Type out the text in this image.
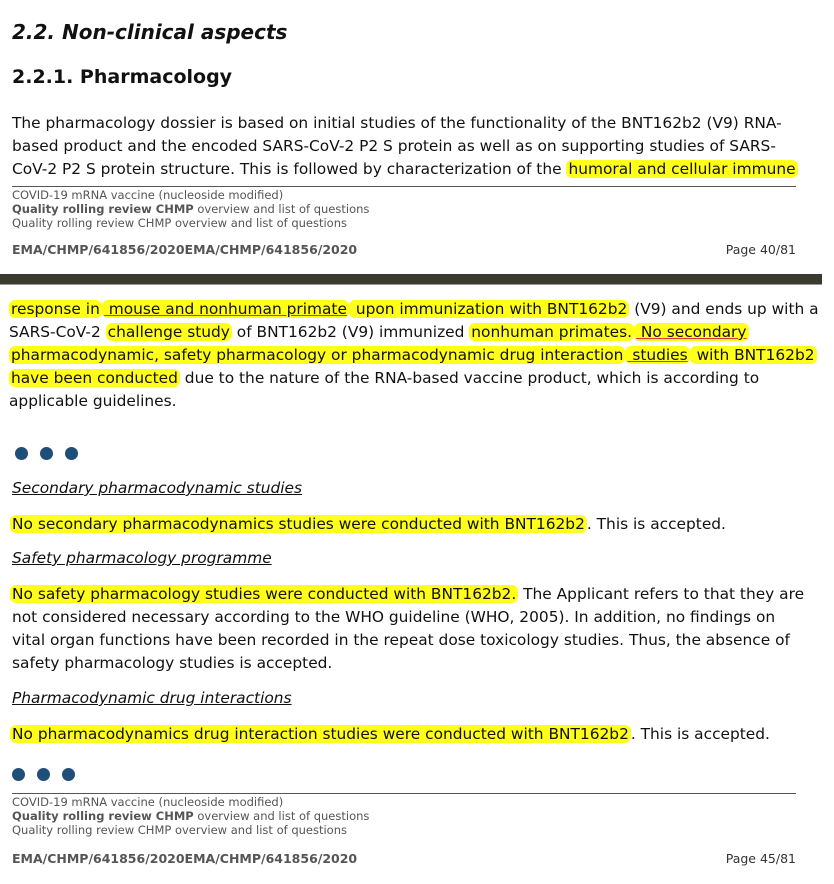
2.2. Non-clinical aspects
2.2.1. Pharmacology
The pharmacology dossier is based on initial studies of the functionality of the BNT162b2 (V9) RNA-
based product and the encoded SARS-CoV-2 P2 S protein as well as on supporting studies of SARS-
CoV-2 P2 S protein structure. This is followed by characterization of the humoral and cellular immune
COVID-19 mRNA vaccine (nucleoside modified)
Quality rolling review CHMP overview and list of questions
Quality rolling review CHMP overview and list of questions
EMA/CHMP/641856/2020EMA/CHMP/641856/2020	Page 40/81
response in mouse and nonhuman primate upon immunization with BNT162b2 (V9) and ends up with a
SARS-CoV-2 challenge study of BNT162b2 (V9) immunized nonhuman primates. No secondary
pharmacodynamic, safety pharmacology or pharmacodynamic drug interaction studies with BNT162b2
have been conducted due to the nature of the RNA-based vaccine product, which is according to
applicable guidelines.
Secondary pharmacodynamic studies
No secondary pharmacodynamics studies were conducted with BNT162b2 . This is accepted.
Safety pharmacology programme
No safety pharmacology studies were conducted with BNT162b2. The Applicant refers to that they are
not considered necessary according to the WHO guideline (WHO, 2005). In addition, no findings on
vital organ functions have been recorded in the repeat dose toxicology studies. Thus, the absence of
safety pharmacology studies is accepted.
Pharmacodynamic drug interactions
No pharmacodynamics drug interaction studies were conducted with BNT162b2 . This is accepted.
COVID-19 mRNA vaccine (nucleoside modified)
Quality rolling review CHMP overview and list of questions
Quality rolling review CHMP overview and list of questions
EMA/CHMP/641856/2020EMA/CHMP/641856/2020	Page 45/81
